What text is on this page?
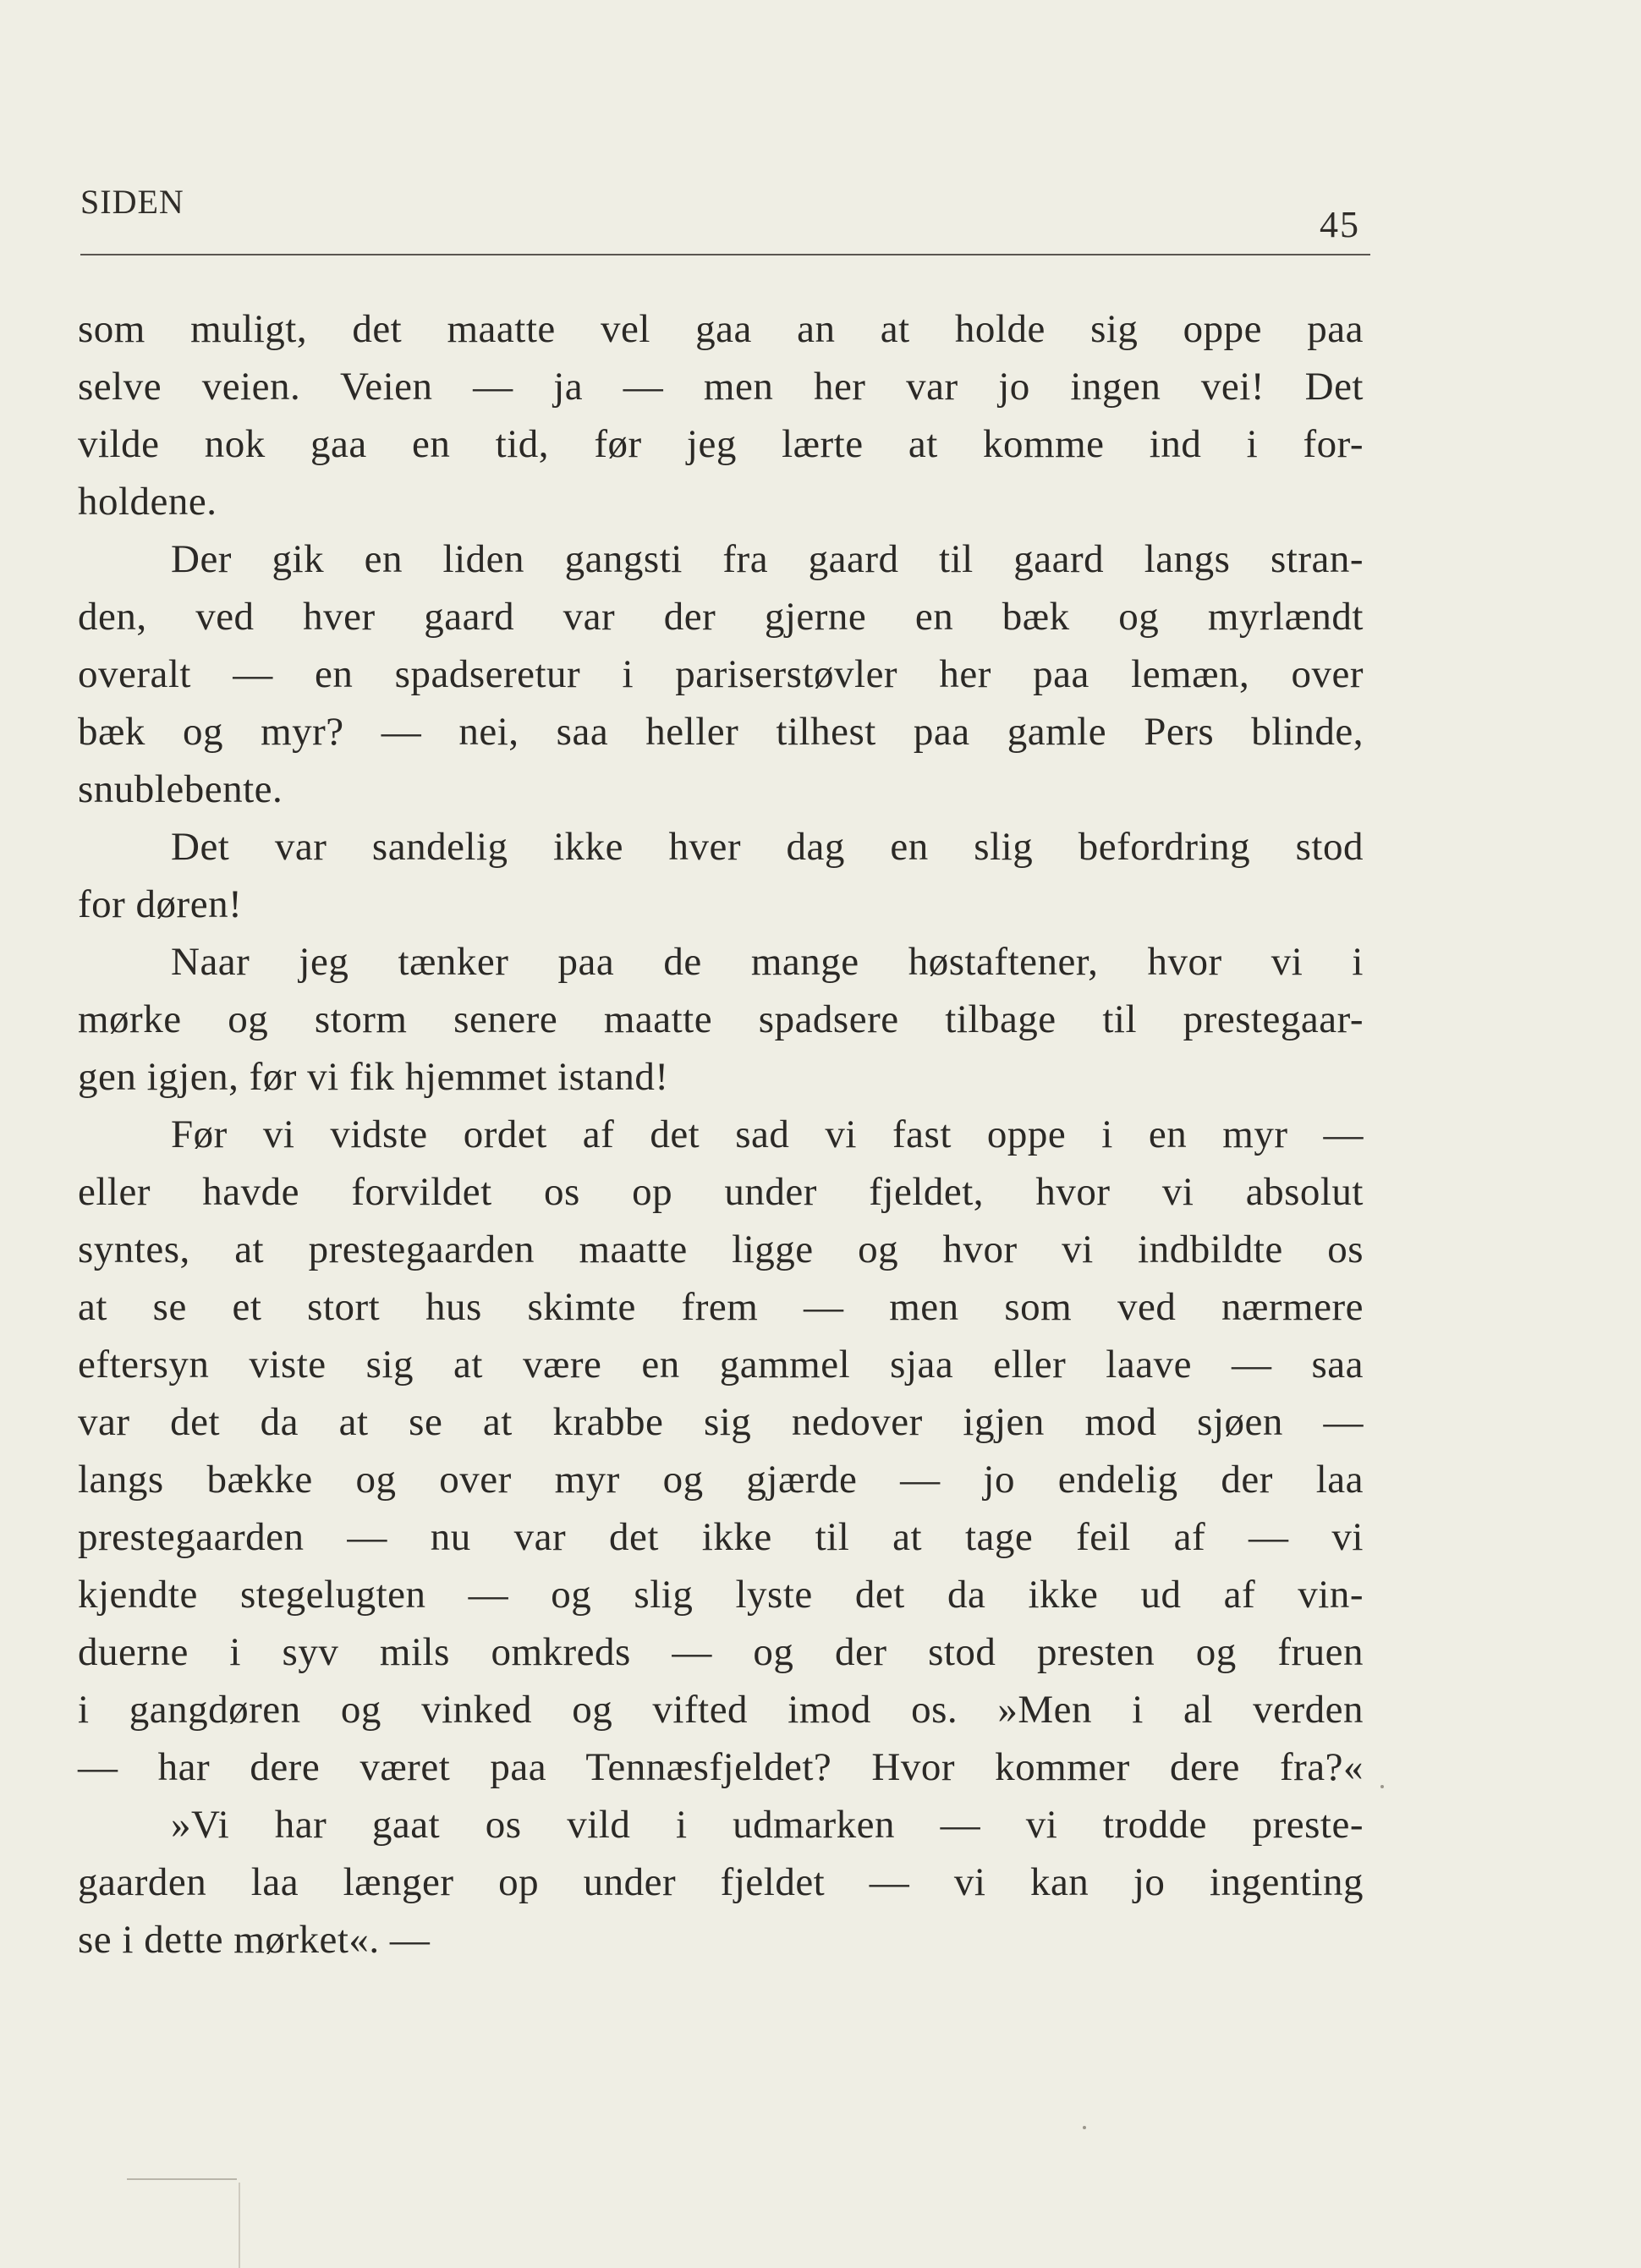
SIDEN
45
som muligt, det maatte vel gaa an at holde sig oppe paa
selve veien. Veien — ja — men her var jo ingen vei! Det
vilde nok gaa en tid, før jeg lærte at komme ind i for-
holdene.
Der gik en liden gangsti fra gaard til gaard langs stran-
den, ved hver gaard var der gjerne en bæk og myrlændt
overalt — en spadseretur i pariserstøvler her paa lemæn, over
bæk og myr? — nei, saa heller tilhest paa gamle Pers blinde,
snublebente.
Det var sandelig ikke hver dag en slig befordring stod
for døren!
Naar jeg tænker paa de mange høstaftener, hvor vi i
mørke og storm senere maatte spadsere tilbage til prestegaar-
gen igjen, før vi fik hjemmet istand!
Før vi vidste ordet af det sad vi fast oppe i en myr —
eller havde forvildet os op under fjeldet, hvor vi absolut
syntes, at prestegaarden maatte ligge og hvor vi indbildte os
at se et stort hus skimte frem — men som ved nærmere
eftersyn viste sig at være en gammel sjaa eller laave — saa
var det da at se at krabbe sig nedover igjen mod sjøen —
langs bække og over myr og gjærde — jo endelig der laa
prestegaarden — nu var det ikke til at tage feil af — vi
kjendte stegelugten — og slig lyste det da ikke ud af vin-
duerne i syv mils omkreds — og der stod presten og fruen
i gangdøren og vinked og vifted imod os. »Men i al verden
— har dere været paa Tennæsfjeldet? Hvor kommer dere fra?«
»Vi har gaat os vild i udmarken — vi trodde preste-
gaarden laa længer op under fjeldet — vi kan jo ingenting
se i dette mørket«. —
